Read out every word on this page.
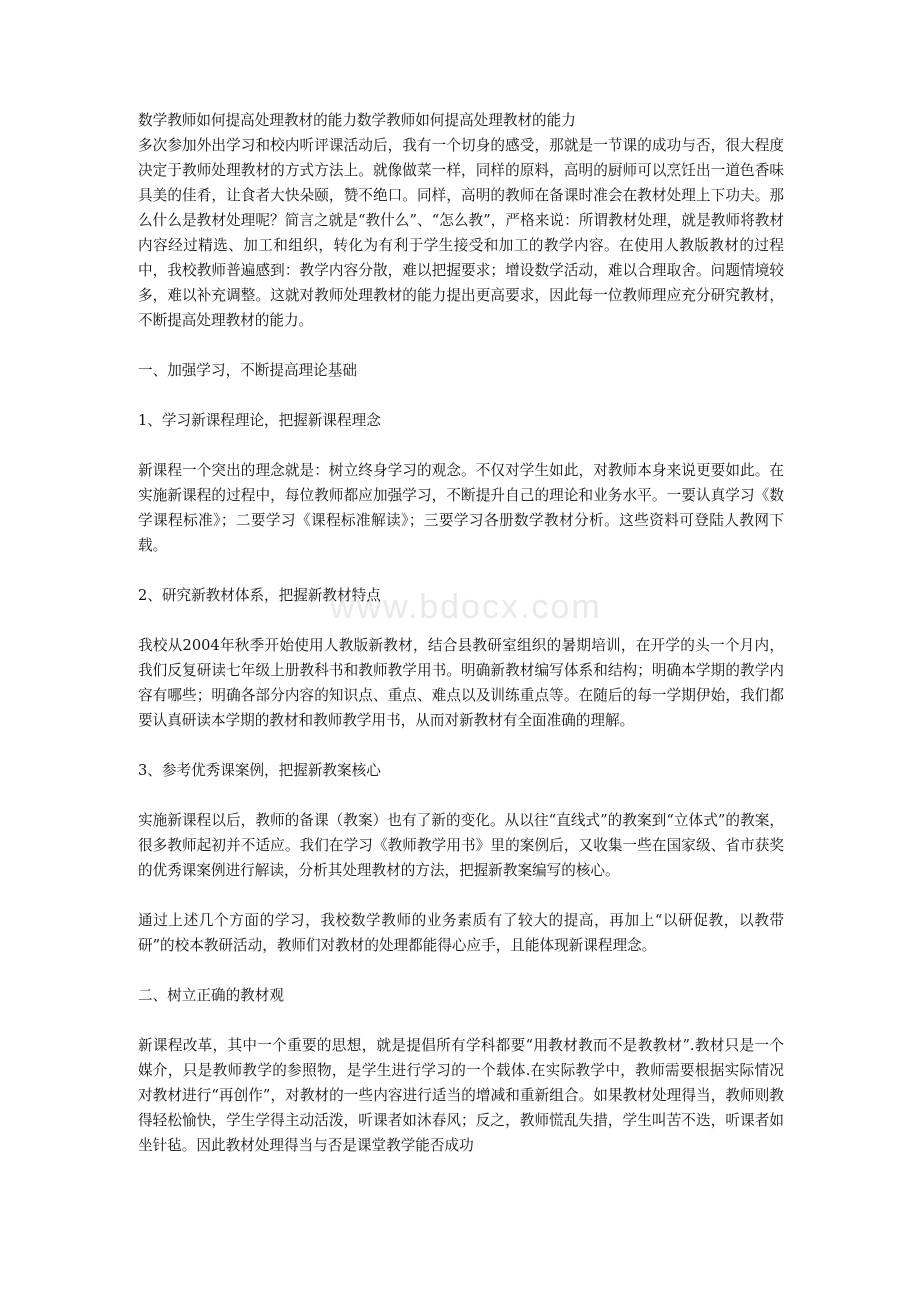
www.bdocx.com

数学教师如何提高处理教材的能力数学教师如何提高处理教材的能力

多次参加外出学习和校内听评课活动后，我有一个切身的感受，那就是一节课的成功与否，很大程度决定于教师处理教材的方式方法上。就像做菜一样，同样的原料，高明的厨师可以烹饪出一道色香味具美的佳肴，让食者大快朵颐，赞不绝口。同样，高明的教师在备课时准会在教材处理上下功夫。那么什么是教材处理呢？简言之就是“教什么”、“怎么教”，严格来说：所谓教材处理，就是教师将教材内容经过精选、加工和组织，转化为有利于学生接受和加工的教学内容。在使用人教版教材的过程中，我校教师普遍感到：教学内容分散，难以把握要求；增设数学活动，难以合理取舍。问题情境较多，难以补充调整。这就对教师处理教材的能力提出更高要求，因此每一位教师理应充分研究教材，不断提高处理教材的能力。

一、加强学习，不断提高理论基础

1、学习新课程理论，把握新课程理念

新课程一个突出的理念就是：树立终身学习的观念。不仅对学生如此，对教师本身来说更要如此。在实施新课程的过程中，每位教师都应加强学习，不断提升自己的理论和业务水平。一要认真学习《数学课程标准》；二要学习《课程标准解读》；三要学习各册数学教材分析。这些资料可登陆人教网下载。

2、研究新教材体系，把握新教材特点

我校从2004年秋季开始使用人教版新教材，结合县教研室组织的暑期培训，在开学的头一个月内，我们反复研读七年级上册教科书和教师教学用书。明确新教材编写体系和结构；明确本学期的教学内容有哪些；明确各部分内容的知识点、重点、难点以及训练重点等。在随后的每一学期伊始，我们都要认真研读本学期的教材和教师教学用书，从而对新教材有全面准确的理解。

3、参考优秀课案例，把握新教案核心

实施新课程以后，教师的备课（教案）也有了新的变化。从以往“直线式”的教案到“立体式”的教案，很多教师起初并不适应。我们在学习《教师教学用书》里的案例后，又收集一些在国家级、省市获奖的优秀课案例进行解读，分析其处理教材的方法，把握新教案编写的核心。

通过上述几个方面的学习，我校数学教师的业务素质有了较大的提高，再加上“以研促教，以教带研”的校本教研活动，教师们对教材的处理都能得心应手，且能体现新课程理念。

二、树立正确的教材观

新课程改革，其中一个重要的思想，就是提倡所有学科都要“用教材教而不是教教材”.教材只是一个媒介，只是教师教学的参照物，是学生进行学习的一个载体.在实际教学中，教师需要根据实际情况对教材进行“再创作”，对教材的一些内容进行适当的增减和重新组合。如果教材处理得当，教师则教得轻松愉快，学生学得主动活泼，听课者如沐春风；反之，教师慌乱失措，学生叫苦不迭，听课者如坐针毡。因此教材处理得当与否是课堂教学能否成功
